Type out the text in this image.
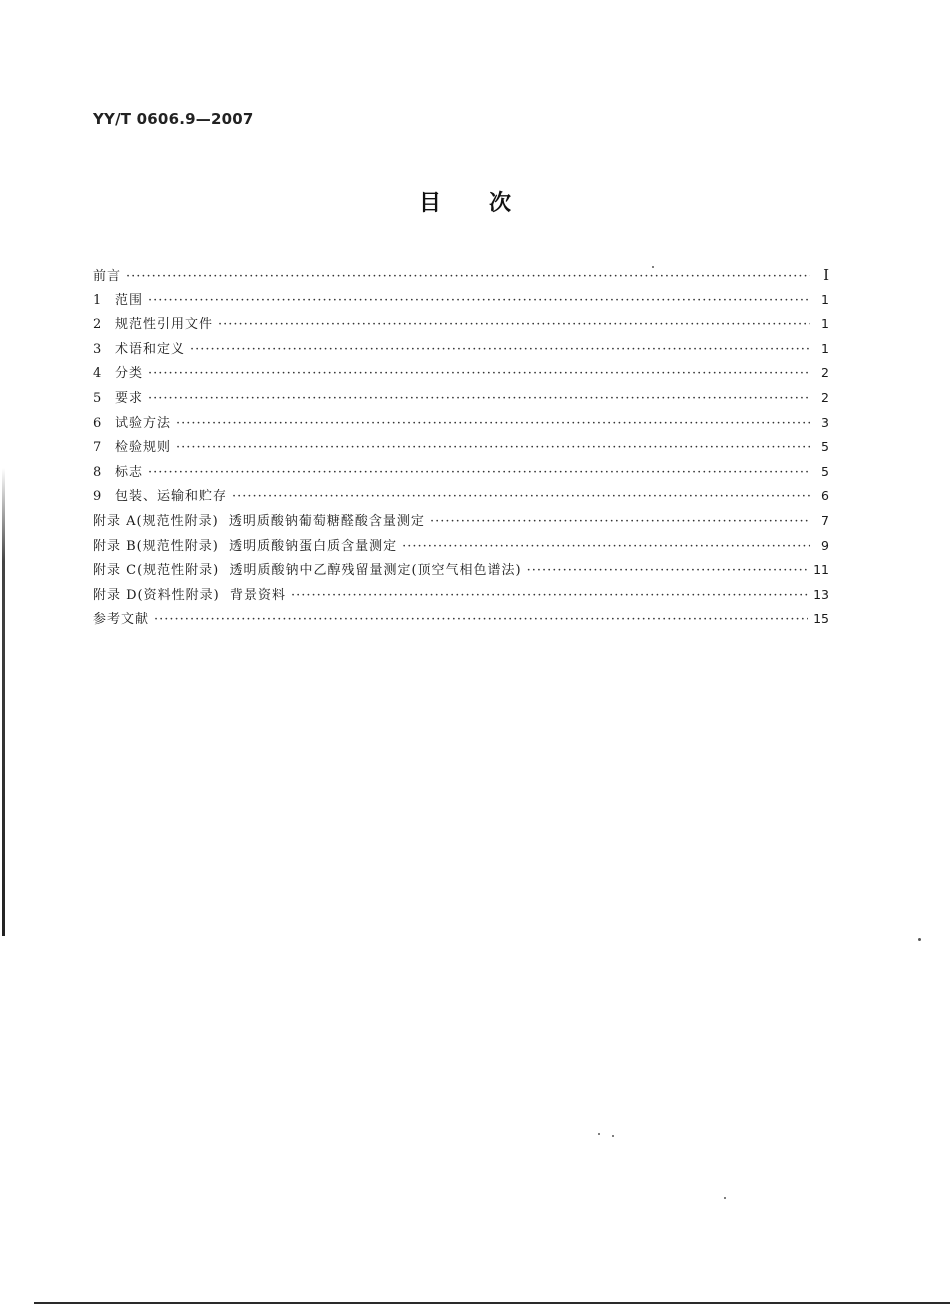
YY/T 0606.9—2007
目次
前言 ·····	I
1 范围 ·····	1
2 规范性引用文件 ·····	1
3 术语和定义 ·····	1
4 分类 ·····	2
5 要求 ·····	2
6 试验方法 ·····	3
7 检验规则 ·····	5
8 标志 ·····	5
9 包装、运输和贮存 ·····	6
附录 A(规范性附录)  透明质酸钠葡萄糖醛酸含量测定 ·····	7
附录 B(规范性附录)  透明质酸钠蛋白质含量测定 ·····	9
附录 C(规范性附录)  透明质酸钠中乙醇残留量测定(顶空气相色谱法) ·····	11
附录 D(资料性附录)  背景资料 ·····	13
参考文献 ·····	15
